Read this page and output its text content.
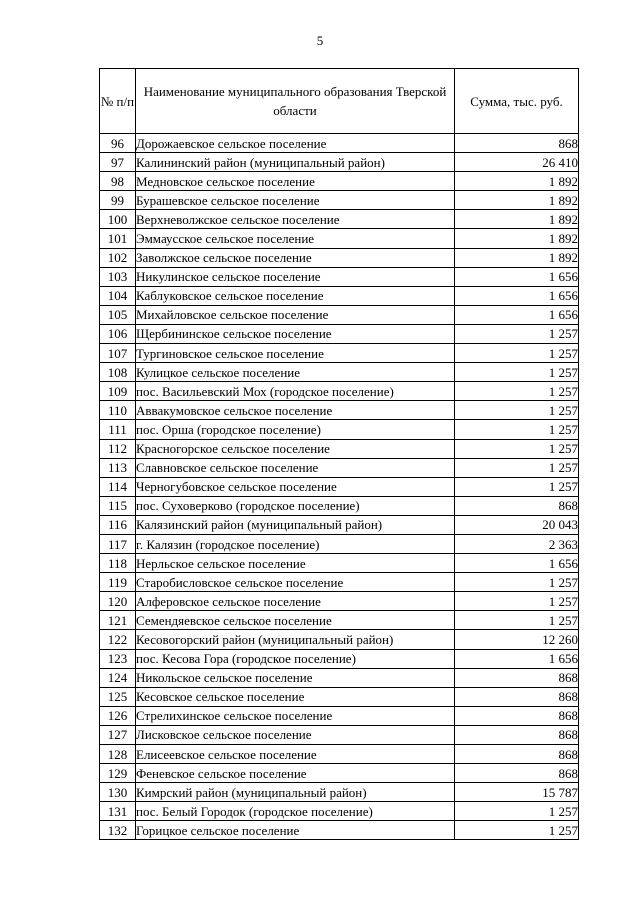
5
№ п/п	Наименование муниципального образования Тверской области	Сумма, тыс. руб.
96	Дорожаевское сельское поселение	868
97	Калининский район (муниципальный район)	26 410
98	Медновское сельское поселение	1 892
99	Бурашевское сельское поселение	1 892
100	Верхневолжское сельское поселение	1 892
101	Эммаусское сельское поселение	1 892
102	Заволжское сельское поселение	1 892
103	Никулинское сельское поселение	1 656
104	Каблуковское сельское поселение	1 656
105	Михайловское сельское поселение	1 656
106	Щербининское сельское поселение	1 257
107	Тургиновское сельское поселение	1 257
108	Кулицкое сельское поселение	1 257
109	пос. Васильевский Мох (городское поселение)	1 257
110	Аввакумовское сельское поселение	1 257
111	пос. Орша (городское поселение)	1 257
112	Красногорское сельское поселение	1 257
113	Славновское сельское поселение	1 257
114	Черногубовское сельское поселение	1 257
115	пос. Суховерково (городское поселение)	868
116	Калязинский район (муниципальный район)	20 043
117	г. Калязин (городское поселение)	2 363
118	Нерльское сельское поселение	1 656
119	Старобисловское сельское поселение	1 257
120	Алферовское сельское поселение	1 257
121	Семендяевское сельское поселение	1 257
122	Кесовогорский район (муниципальный район)	12 260
123	пос. Кесова Гора (городское поселение)	1 656
124	Никольское сельское поселение	868
125	Кесовское сельское поселение	868
126	Стрелихинское сельское поселение	868
127	Лисковское сельское поселение	868
128	Елисеевское сельское поселение	868
129	Феневское сельское поселение	868
130	Кимрский район (муниципальный район)	15 787
131	пос. Белый Городок (городское поселение)	1 257
132	Горицкое сельское поселение	1 257
